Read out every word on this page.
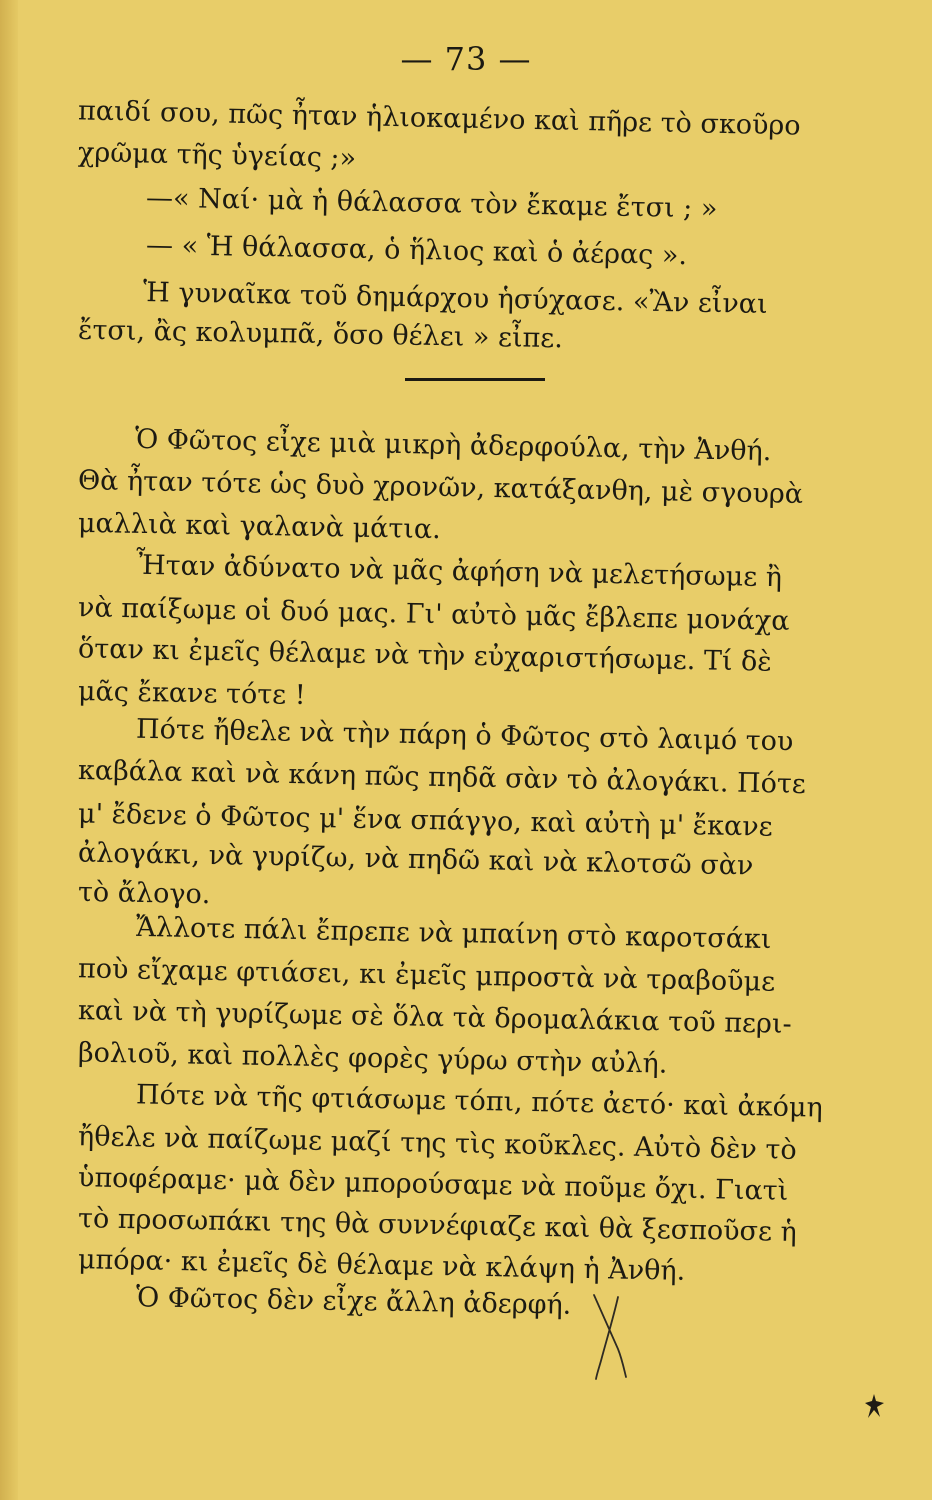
— 73 —
παιδί σου, πῶς ἦταν ἡλιοκαμένο καὶ πῆρε τὸ σκοῦρο
χρῶμα τῆς ὑγείας ;»
—« Ναί· μὰ ἡ θάλασσα τὸν ἔκαμε ἔτσι ; »
— « Ἡ θάλασσα, ὁ ἥλιος καὶ ὁ ἀέρας ».
Ἡ γυναῖκα τοῦ δημάρχου ἡσύχασε. «Ἂν εἶναι
ἔτσι, ἂς κολυμπᾶ, ὅσο θέλει » εἶπε.
Ὁ Φῶτος εἶχε μιὰ μικρὴ ἀδερφούλα, τὴν Ἀνθή.
Θὰ ἦταν τότε ὡς δυὸ χρονῶν, κατάξανθη, μὲ σγουρὰ
μαλλιὰ καὶ γαλανὰ μάτια.
Ἦταν ἀδύνατο νὰ μᾶς ἀφήση νὰ μελετήσωμε ἢ
νὰ παίξωμε οἱ δυό μας. Γι' αὐτὸ μᾶς ἔβλεπε μονάχα
ὅταν κι ἐμεῖς θέλαμε νὰ τὴν εὐχαριστήσωμε. Τί δὲ
μᾶς ἔκανε τότε !
Πότε ἤθελε νὰ τὴν πάρη ὁ Φῶτος στὸ λαιμό του
καβάλα καὶ νὰ κάνη πῶς πηδᾶ σὰν τὸ ἀλογάκι. Πότε
μ' ἔδενε ὁ Φῶτος μ' ἕνα σπάγγο, καὶ αὐτὴ μ' ἔκανε
ἀλογάκι, νὰ γυρίζω, νὰ πηδῶ καὶ νὰ κλοτσῶ σὰν
τὸ ἄλογο.
Ἄλλοτε πάλι ἔπρεπε νὰ μπαίνη στὸ καροτσάκι
ποὺ εἴχαμε φτιάσει, κι ἐμεῖς μπροστὰ νὰ τραβοῦμε
καὶ νὰ τὴ γυρίζωμε σὲ ὅλα τὰ δρομαλάκια τοῦ περι-
βολιοῦ, καὶ πολλὲς φορὲς γύρω στὴν αὐλή.
Πότε νὰ τῆς φτιάσωμε τόπι, πότε ἀετό· καὶ ἀκόμη
ἤθελε νὰ παίζωμε μαζί της τὶς κοῦκλες. Αὐτὸ δὲν τὸ
ὑποφέραμε· μὰ δὲν μπορούσαμε νὰ ποῦμε ὄχι. Γιατὶ
τὸ προσωπάκι της θὰ συννέφιαζε καὶ θὰ ξεσποῦσε ἡ
μπόρα· κι ἐμεῖς δὲ θέλαμε νὰ κλάψη ἡ Ἀνθή.
Ὁ Φῶτος δὲν εἶχε ἄλλη ἀδερφή.
